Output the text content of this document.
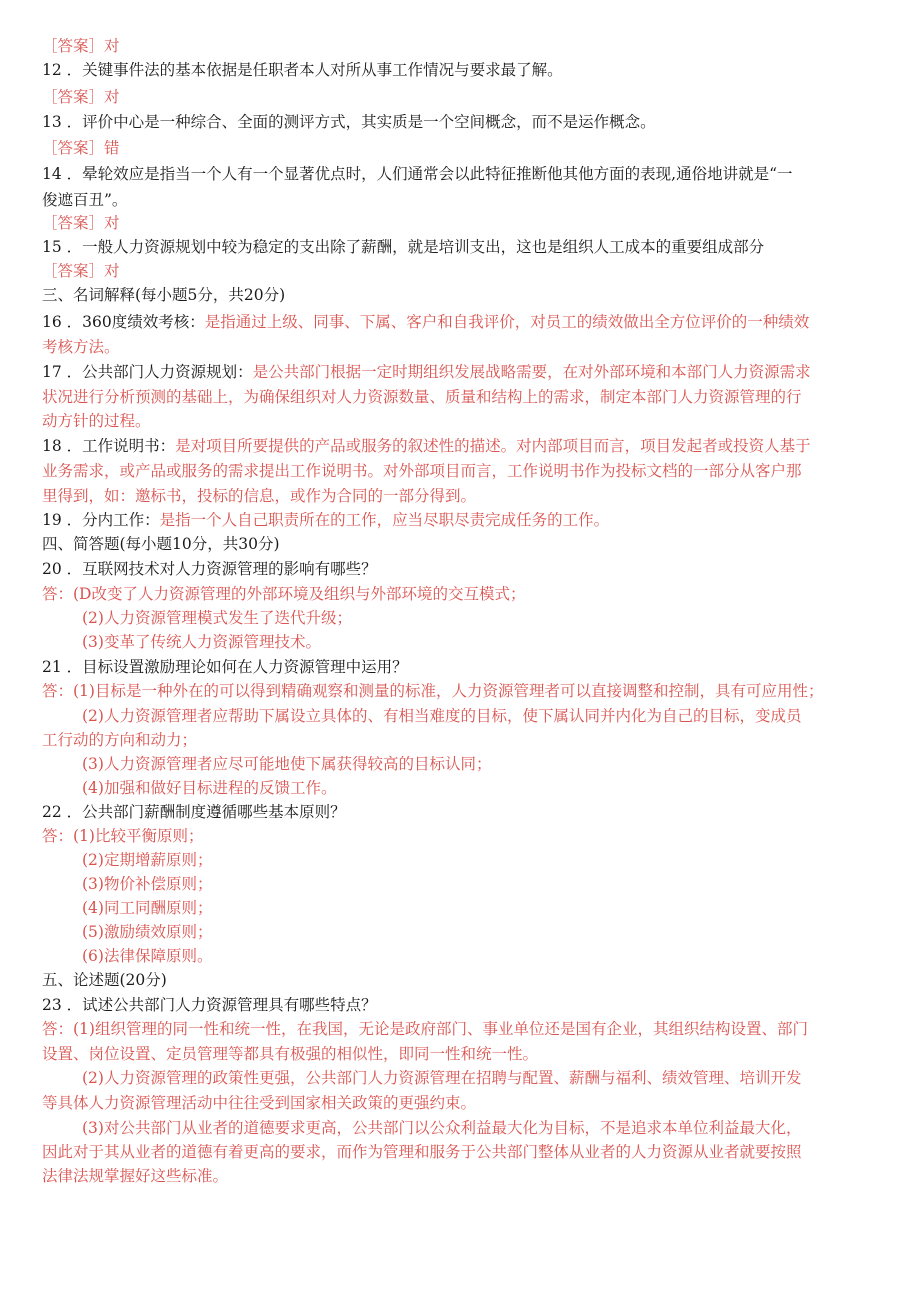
［答案］对
12 ．关键事件法的基本依据是任职者本人对所从事工作情况与要求最了解。
［答案］对
13 ．评价中心是一种综合、全面的测评方式，其实质是一个空间概念，而不是运作概念。
［答案］错
14 ．晕轮效应是指当一个人有一个显著优点时，人们通常会以此特征推断他其他方面的表现,通俗地讲就是“一
俊遮百丑”。
［答案］对
15 ．一般人力资源规划中较为稳定的支出除了薪酬，就是培训支出，这也是组织人工成本的重要组成部分
［答案］对
三、名词解释(每小题5分，共20分)
16 ．360度绩效考核：是指通过上级、同事、下属、客户和自我评价，对员工的绩效做出全方位评价的一种绩效
考核方法。
17 ．公共部门人力资源规划：是公共部门根据一定时期组织发展战略需要，在对外部环境和本部门人力资源需求
状况进行分析预测的基础上，为确保组织对人力资源数量、质量和结构上的需求，制定本部门人力资源管理的行
动方针的过程。
18 ．工作说明书：是对项目所要提供的产品或服务的叙述性的描述。对内部项目而言，项目发起者或投资人基于
业务需求，或产品或服务的需求提出工作说明书。对外部项目而言，工作说明书作为投标文档的一部分从客户那
里得到，如：邀标书，投标的信息，或作为合同的一部分得到。
19 ．分内工作：是指一个人自己职责所在的工作，应当尽职尽责完成任务的工作。
四、简答题(每小题10分，共30分)
20 ．互联网技术对人力资源管理的影响有哪些？
答：(D改变了人力资源管理的外部环境及组织与外部环境的交互模式；
(2)人力资源管理模式发生了迭代升级；
(3)变革了传统人力资源管理技术。
21 ．目标设置激励理论如何在人力资源管理中运用？
答：(1)目标是一种外在的可以得到精确观察和测量的标准，人力资源管理者可以直接调整和控制，具有可应用性；
(2)人力资源管理者应帮助下属设立具体的、有相当难度的目标，使下属认同并内化为自己的目标，变成员
工行动的方向和动力；
(3)人力资源管理者应尽可能地使下属获得较高的目标认同；
(4)加强和做好目标进程的反馈工作。
22 ．公共部门薪酬制度遵循哪些基本原则？
答：(1)比较平衡原则；
(2)定期增薪原则；
(3)物价补偿原则；
(4)同工同酬原则；
(5)激励绩效原则；
(6)法律保障原则。
五、论述题(20分)
23 ．试述公共部门人力资源管理具有哪些特点？
答：(1)组织管理的同一性和统一性，在我国，无论是政府部门、事业单位还是国有企业，其组织结构设置、部门
设置、岗位设置、定员管理等都具有极强的相似性，即同一性和统一性。
(2)人力资源管理的政策性更强，公共部门人力资源管理在招聘与配置、薪酬与福利、绩效管理、培训开发
等具体人力资源管理活动中往往受到国家相关政策的更强约束。
(3)对公共部门从业者的道德要求更高，公共部门以公众利益最大化为目标，不是追求本单位利益最大化，
因此对于其从业者的道德有着更高的要求，而作为管理和服务于公共部门整体从业者的人力资源从业者就要按照
法律法规掌握好这些标准。
